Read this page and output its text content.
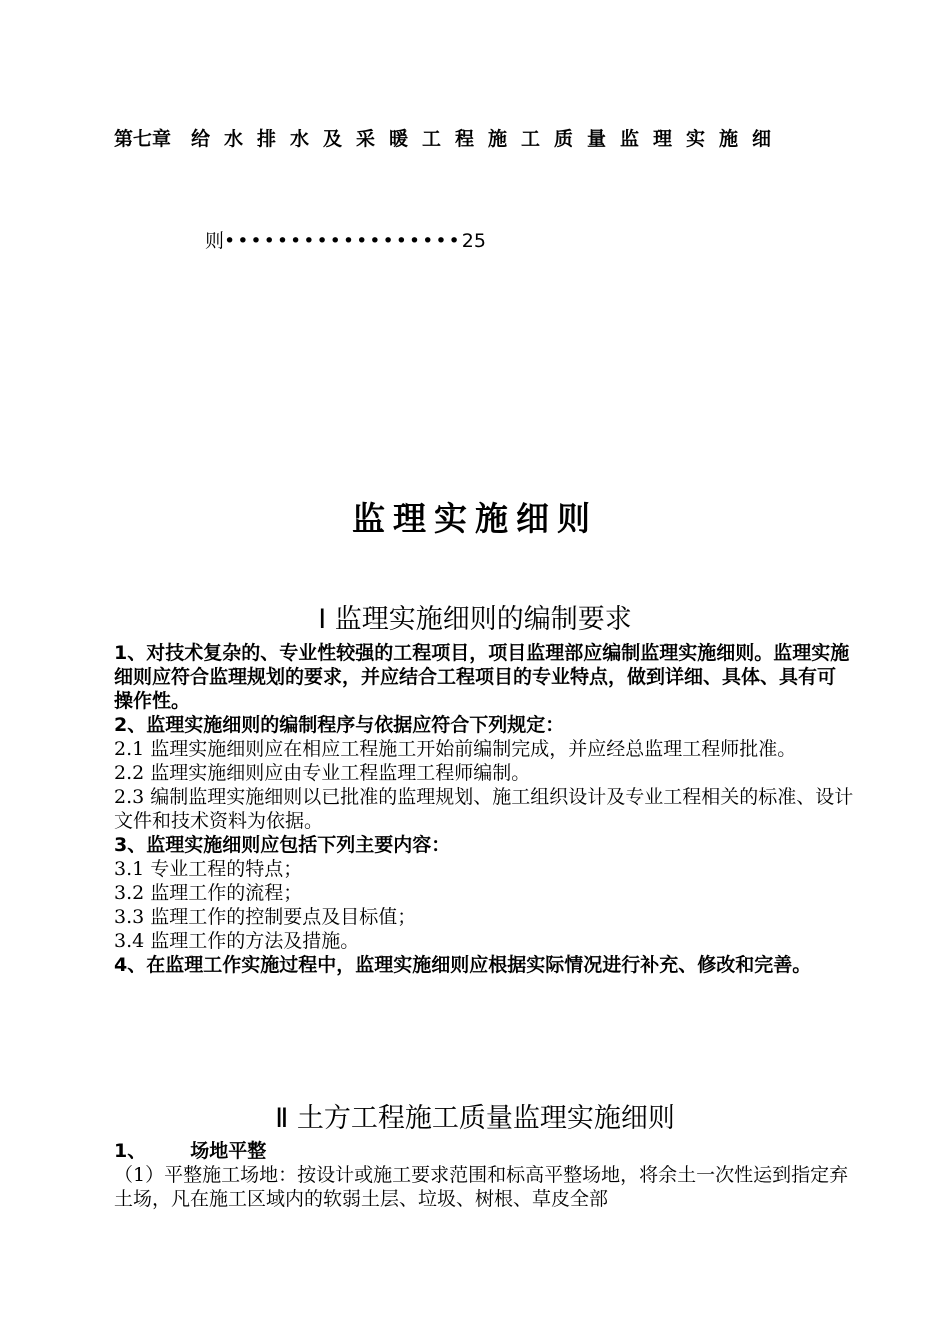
第七章 给水排水及采暖工程施工质量监理实施细
则••••••••••••••••••25
监理实施细则
Ⅰ 监理实施细则的编制要求

1、对技术复杂的、专业性较强的工程项目，项目监理部应编制监理实施细则。监理实施细则应符合监理规划的要求，并应结合工程项目的专业特点，做到详细、具体、具有可操作性。

2、监理实施细则的编制程序与依据应符合下列规定：

2.1 监理实施细则应在相应工程施工开始前编制完成，并应经总监理工程师批准。

2.2 监理实施细则应由专业工程监理工程师编制。

2.3 编制监理实施细则以已批准的监理规划、施工组织设计及专业工程相关的标准、设计文件和技术资料为依据。

3、监理实施细则应包括下列主要内容：

3.1 专业工程的特点；

3.2 监理工作的流程；

3.3 监理工作的控制要点及目标值；

3.4 监理工作的方法及措施。

4、在监理工作实施过程中，监理实施细则应根据实际情况进行补充、修改和完善。

Ⅱ 土方工程施工质量监理实施细则

1、 场地平整

（1）平整施工场地：按设计或施工要求范围和标高平整场地，将余土一次性运到指定弃土场，凡在施工区域内的软弱土层、垃圾、树根、草皮全部
